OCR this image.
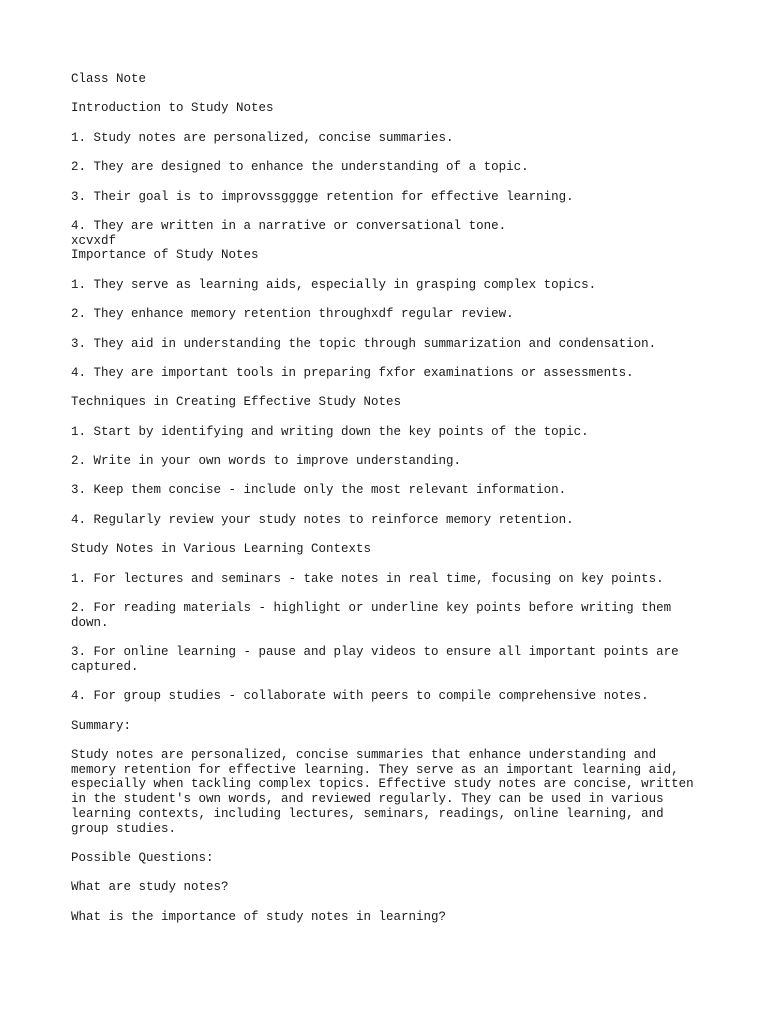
Class Note

Introduction to Study Notes

1. Study notes are personalized, concise summaries.

2. They are designed to enhance the understanding of a topic.

3. Their goal is to improvssgggge retention for effective learning.

4. They are written in a narrative or conversational tone.

xcvxdf

Importance of Study Notes

1. They serve as learning aids, especially in grasping complex topics.

2. They enhance memory retention throughxdf regular review.

3. They aid in understanding the topic through summarization and condensation.

4. They are important tools in preparing fxfor examinations or assessments.

Techniques in Creating Effective Study Notes

1. Start by identifying and writing down the key points of the topic.

2. Write in your own words to improve understanding.

3. Keep them concise - include only the most relevant information.

4. Regularly review your study notes to reinforce memory retention.

Study Notes in Various Learning Contexts

1. For lectures and seminars - take notes in real time, focusing on key points.

2. For reading materials - highlight or underline key points before writing them
down.

3. For online learning - pause and play videos to ensure all important points are
captured.

4. For group studies - collaborate with peers to compile comprehensive notes.

Summary:

Study notes are personalized, concise summaries that enhance understanding and
memory retention for effective learning. They serve as an important learning aid,
especially when tackling complex topics. Effective study notes are concise, written
in the student's own words, and reviewed regularly. They can be used in various
learning contexts, including lectures, seminars, readings, online learning, and
group studies.

Possible Questions:

What are study notes?

What is the importance of study notes in learning?
